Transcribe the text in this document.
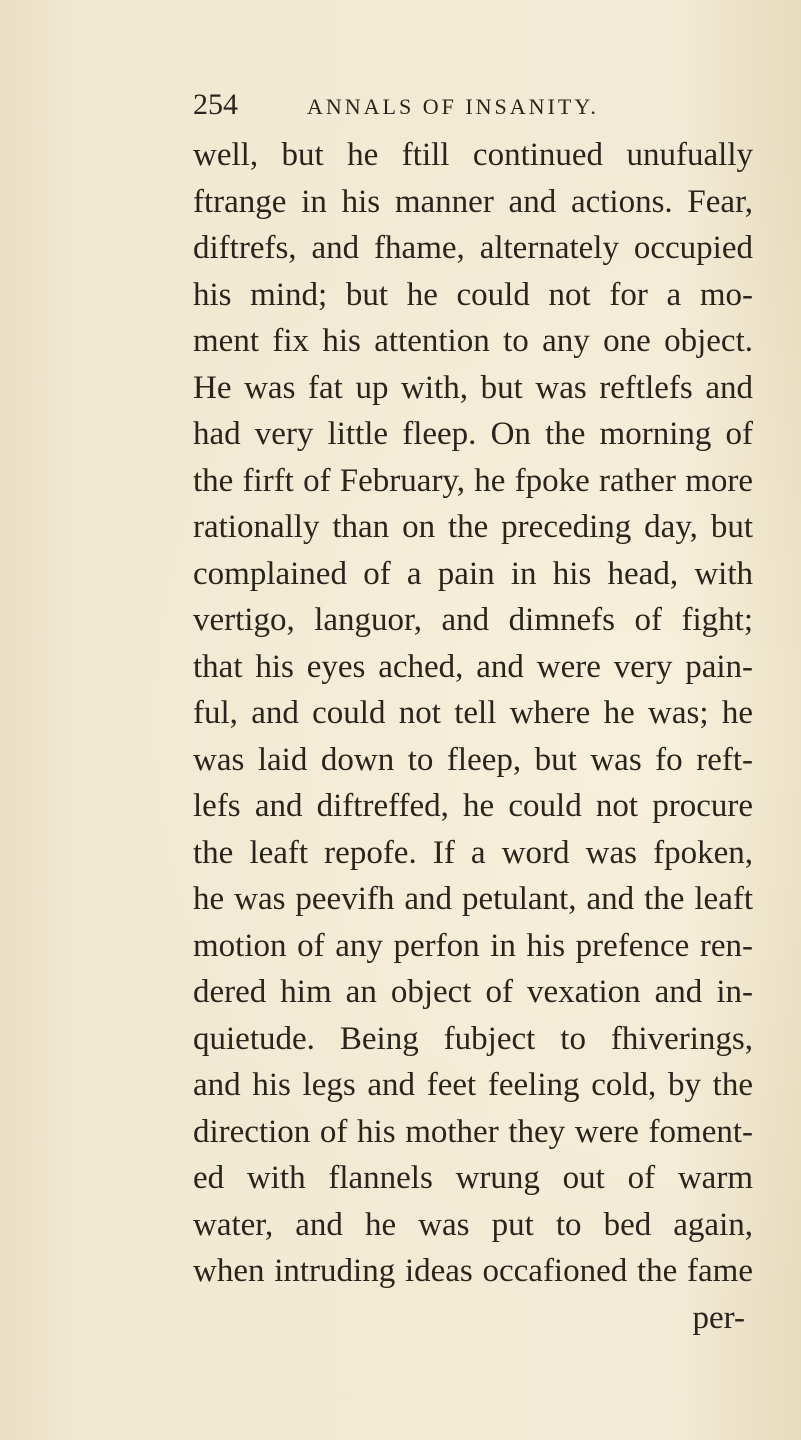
254	ANNALS OF INSANITY.
well, but he ftill continued unufually
ftrange in his manner and actions. Fear,
diftrefs, and fhame, alternately occupied
his mind; but he could not for a mo-
ment fix his attention to any one object.
He was fat up with, but was reftlefs and
had very little fleep. On the morning of
the firft of February, he fpoke rather more
rationally than on the preceding day, but
complained of a pain in his head, with
vertigo, languor, and dimnefs of fight;
that his eyes ached, and were very pain-
ful, and could not tell where he was; he
was laid down to fleep, but was fo reft-
lefs and diftreffed, he could not procure
the leaft repofe. If a word was fpoken,
he was peevifh and petulant, and the leaft
motion of any perfon in his prefence ren-
dered him an object of vexation and in-
quietude. Being fubject to fhiverings,
and his legs and feet feeling cold, by the
direction of his mother they were foment-
ed with flannels wrung out of warm
water, and he was put to bed again,
when intruding ideas occafioned the fame
per-
